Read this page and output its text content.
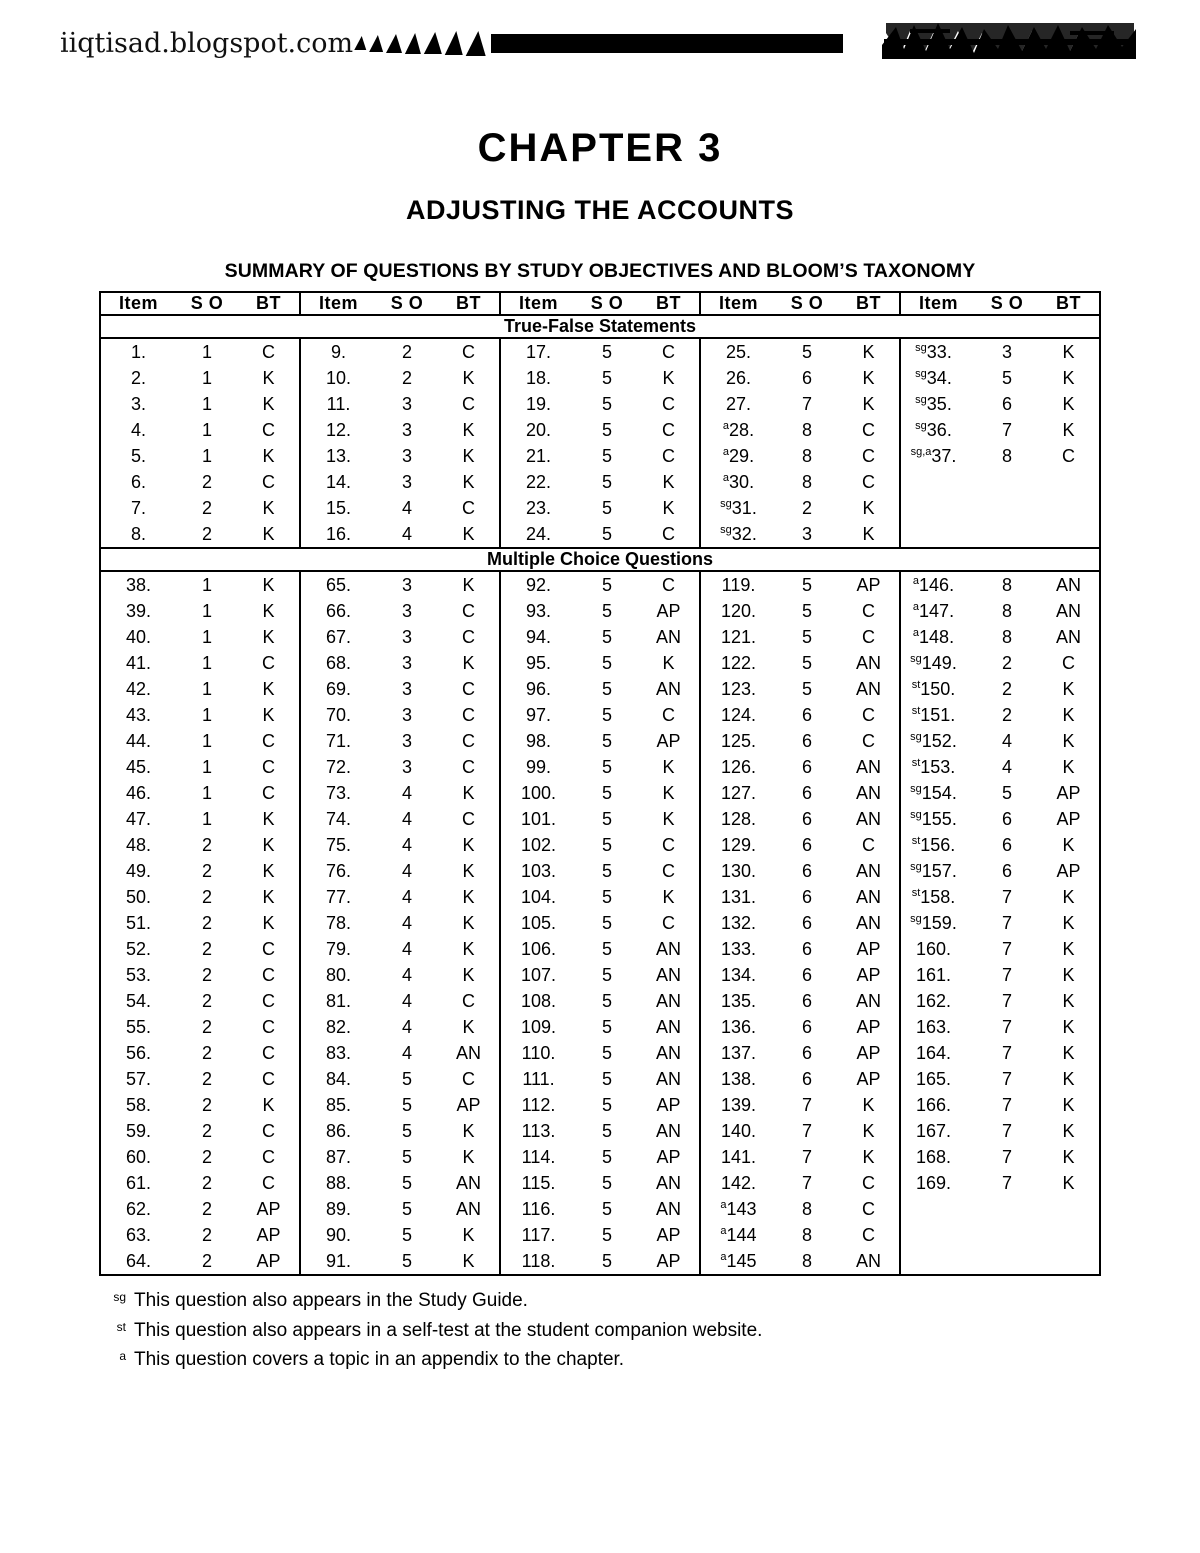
iiqtisad.blogspot.com
CHAPTER 3
ADJUSTING THE ACCOUNTS
SUMMARY OF QUESTIONS BY STUDY OBJECTIVES AND BLOOM’S TAXONOMY
Item	S O	BT	Item	S O	BT	Item	S O	BT	Item	S O	BT	Item	S O	BT
True-False Statements														
1.	1	C	9.	2	C	17.	5	C	25.	5	K	$^{sg}$33.	3	K
2.	1	K	10.	2	K	18.	5	K	26.	6	K	$^{sg}$34.	5	K
3.	1	K	11.	3	C	19.	5	C	27.	7	K	$^{sg}$35.	6	K
4.	1	C	12.	3	K	20.	5	C	$^a$28.	8	C	$^{sg}$36.	7	K
5.	1	K	13.	3	K	21.	5	C	$^a$29.	8	C	$^{sg,a}$37.	8	C
6.	2	C	14.	3	K	22.	5	K	$^a$30.	8	C			
7.	2	K	15.	4	C	23.	5	K	$^{sg}$31.	2	K			
8.	2	K	16.	4	K	24.	5	C	$^{sg}$32.	3	K			
Multiple Choice Questions														
38.	1	K	65.	3	K	92.	5	C	119.	5	AP	$^a$146.	8	AN
39.	1	K	66.	3	C	93.	5	AP	120.	5	C	$^a$147.	8	AN
40.	1	K	67.	3	C	94.	5	AN	121.	5	C	$^a$148.	8	AN
41.	1	C	68.	3	K	95.	5	K	122.	5	AN	$^{sg}$149.	2	C
42.	1	K	69.	3	C	96.	5	AN	123.	5	AN	$^{st}$150.	2	K
43.	1	K	70.	3	C	97.	5	C	124.	6	C	$^{st}$151.	2	K
44.	1	C	71.	3	C	98.	5	AP	125.	6	C	$^{sg}$152.	4	K
45.	1	C	72.	3	C	99.	5	K	126.	6	AN	$^{st}$153.	4	K
46.	1	C	73.	4	K	100.	5	K	127.	6	AN	$^{sg}$154.	5	AP
47.	1	K	74.	4	C	101.	5	K	128.	6	AN	$^{sg}$155.	6	AP
48.	2	K	75.	4	K	102.	5	C	129.	6	C	$^{st}$156.	6	K
49.	2	K	76.	4	K	103.	5	C	130.	6	AN	$^{sg}$157.	6	AP
50.	2	K	77.	4	K	104.	5	K	131.	6	AN	$^{st}$158.	7	K
51.	2	K	78.	4	K	105.	5	C	132.	6	AN	$^{sg}$159.	7	K
52.	2	C	79.	4	K	106.	5	AN	133.	6	AP	160.	7	K
53.	2	C	80.	4	K	107.	5	AN	134.	6	AP	161.	7	K
54.	2	C	81.	4	C	108.	5	AN	135.	6	AN	162.	7	K
55.	2	C	82.	4	K	109.	5	AN	136.	6	AP	163.	7	K
56.	2	C	83.	4	AN	110.	5	AN	137.	6	AP	164.	7	K
57.	2	C	84.	5	C	111.	5	AN	138.	6	AP	165.	7	K
58.	2	K	85.	5	AP	112.	5	AP	139.	7	K	166.	7	K
59.	2	C	86.	5	K	113.	5	AN	140.	7	K	167.	7	K
60.	2	C	87.	5	K	114.	5	AP	141.	7	K	168.	7	K
61.	2	C	88.	5	AN	115.	5	AN	142.	7	C	169.	7	K
62.	2	AP	89.	5	AN	116.	5	AN	$^a$143	8	C			
63.	2	AP	90.	5	K	117.	5	AP	$^a$144	8	C			
64.	2	AP	91.	5	K	118.	5	AP	$^a$145	8	AN			
sg This question also appears in the Study Guide.
st This question also appears in a self-test at the student companion website.
a This question covers a topic in an appendix to the chapter.
